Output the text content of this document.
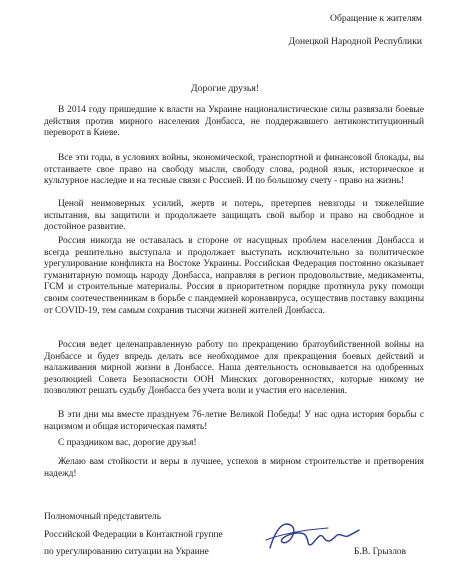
Обращение к жителям
Донецкой Народной Республики
Дорогие друзья!
В 2014 году пришедшие к власти на Украине националистические силы развязали боевые действия против мирного населения Донбасса, не поддержавшего антиконституционный переворот в Киеве.
Все эти годы, в условиях войны, экономической, транспортной и финансовой блокады, вы отстаиваете свое право на свободу мысли, свободу слова, родной язык, историческое и культурное наследие и на тесные связи с Россией. И по большому счету - право на жизнь!
Ценой неимоверных усилий, жертв и потерь, претерпев невзгоды и тяжелейшие испытания, вы защитили и продолжаете защищать свой выбор и право на свободное и достойное развитие.
Россия никогда не оставалась в стороне от насущных проблем населения Донбасса и всегда решительно выступала и продолжает выступать исключительно за политическое урегулирование конфликта на Востоке Украины. Российская Федерация постоянно оказывает гуманитарную помощь народу Донбасса, направляя в регион продовольствие, медикаменты, ГСМ и строительные материалы. Россия в приоритетном порядке протянула руку помощи своим соотечественникам в борьбе с пандемией коронавируса, осуществив поставку вакцины от COVID-19, тем самым сохранив тысячи жизней жителей Донбасса.
Россия ведет целенаправленную работу по прекращению братоубийственной войны на Донбассе и будет впредь делать все необходимое для прекращения боевых действий и налаживания мирной жизни в Донбассе. Наша деятельность основывается на одобренных резолюцией Совета Безопасности ООН Минских договоренностях, которые никому не позволяют решать судьбу Донбасса без учета воли и участия его населения.
В эти дни мы вместе празднуем 76-летие Великой Победы! У нас одна история борьбы с нацизмом и общая историческая память!
С праздником вас, дорогие друзья!
Желаю вам стойкости и веры в лучшее, успехов в мирном строительстве и претворения надежд!
Полномочный представитель
Российской Федерации в Контактной группе
по урегулированию ситуации на Украине	Б.В. Грызлов
